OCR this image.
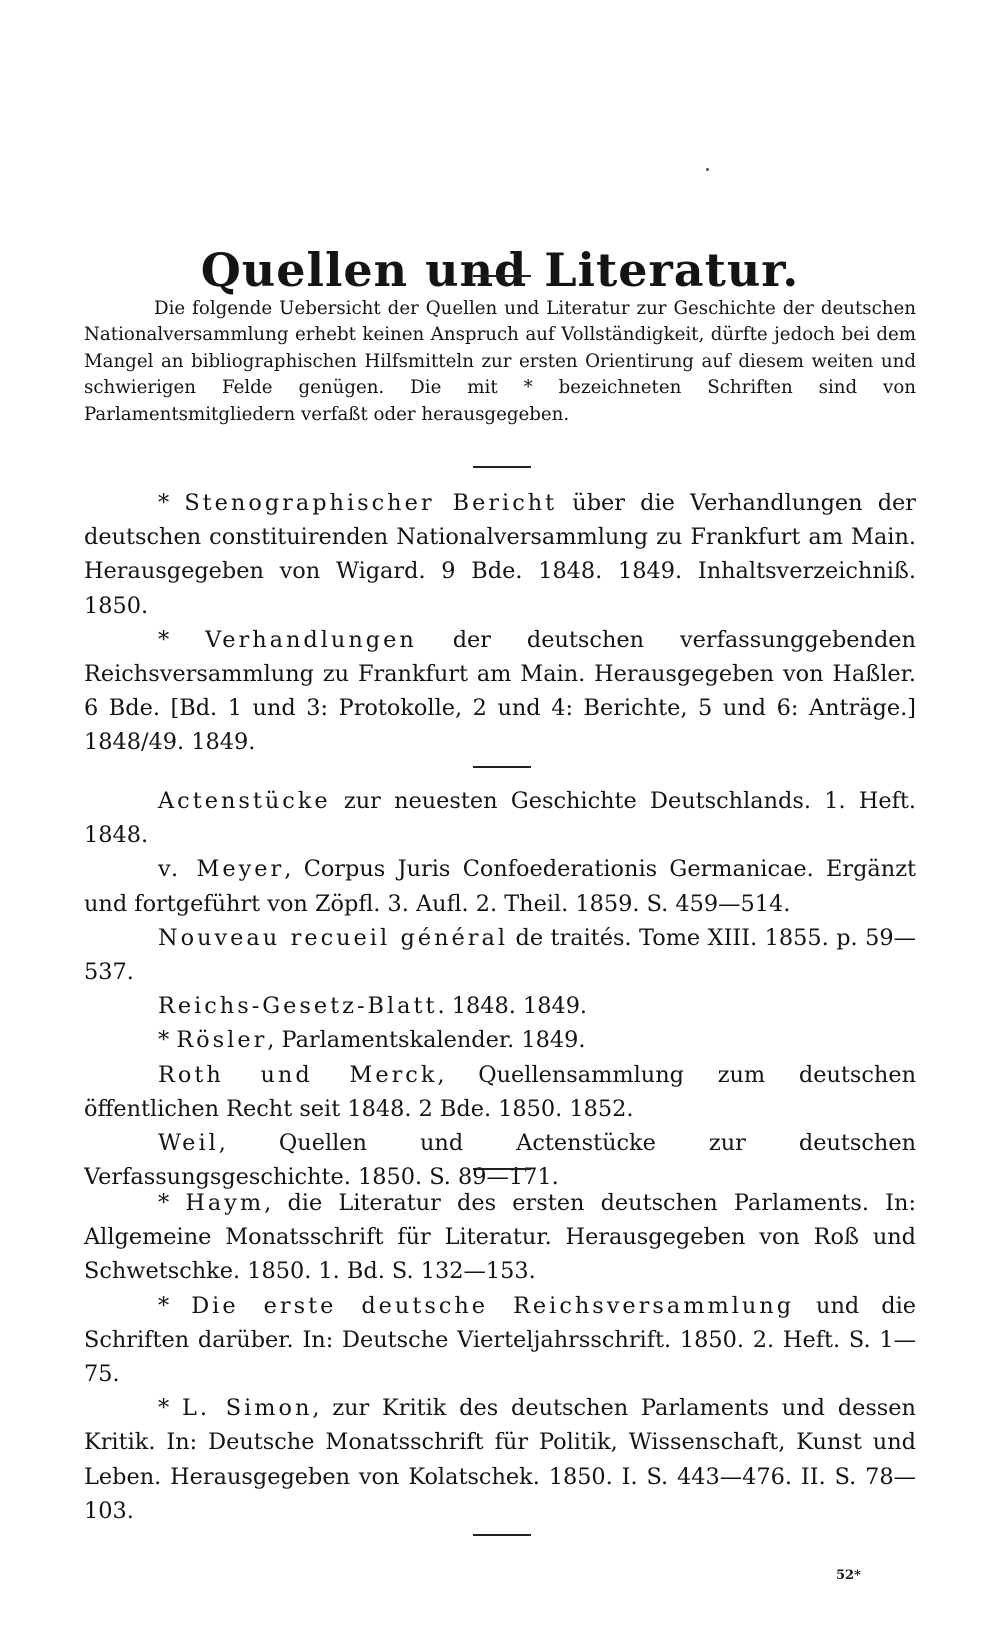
Quellen und Literatur.

Die folgende Uebersicht der Quellen und Literatur zur Geschichte der deutschen Nationalversammlung erhebt keinen Anspruch auf Vollständigkeit, dürfte jedoch bei dem Mangel an bibliographischen Hilfsmitteln zur ersten Orientirung auf diesem weiten und schwierigen Felde genügen. Die mit * bezeichneten Schriften sind von Parlamentsmitgliedern verfaßt oder herausgegeben.

* Stenographischer Bericht über die Verhandlungen der deutschen constituirenden Nationalversammlung zu Frankfurt am Main. Herausgegeben von Wigard. 9 Bde. 1848. 1849. Inhaltsverzeichniß. 1850.

* Verhandlungen der deutschen verfassunggebenden Reichsversammlung zu Frankfurt am Main. Herausgegeben von Haßler. 6 Bde. [Bd. 1 und 3: Protokolle, 2 und 4: Berichte, 5 und 6: Anträge.] 1848/49. 1849.

Actenstücke zur neuesten Geschichte Deutschlands. 1. Heft. 1848.

v. Meyer, Corpus Juris Confoederationis Germanicae. Ergänzt und fortgeführt von Zöpfl. 3. Aufl. 2. Theil. 1859. S. 459—514.

Nouveau recueil général de traités. Tome XIII. 1855. p. 59—537.

Reichs-Gesetz-Blatt. 1848. 1849.

* Rösler, Parlamentskalender. 1849.

Roth und Merck, Quellensammlung zum deutschen öffentlichen Recht seit 1848. 2 Bde. 1850. 1852.

Weil, Quellen und Actenstücke zur deutschen Verfassungsgeschichte. 1850. S. 89—171.

* Haym, die Literatur des ersten deutschen Parlaments. In: Allgemeine Monatsschrift für Literatur. Herausgegeben von Roß und Schwetschke. 1850. 1. Bd. S. 132—153.

* Die erste deutsche Reichsversammlung und die Schriften darüber. In: Deutsche Vierteljahrsschrift. 1850. 2. Heft. S. 1—75.

* L. Simon, zur Kritik des deutschen Parlaments und dessen Kritik. In: Deutsche Monatsschrift für Politik, Wissenschaft, Kunst und Leben. Herausgegeben von Kolatschek. 1850. I. S. 443—476. II. S. 78—103.

52*
